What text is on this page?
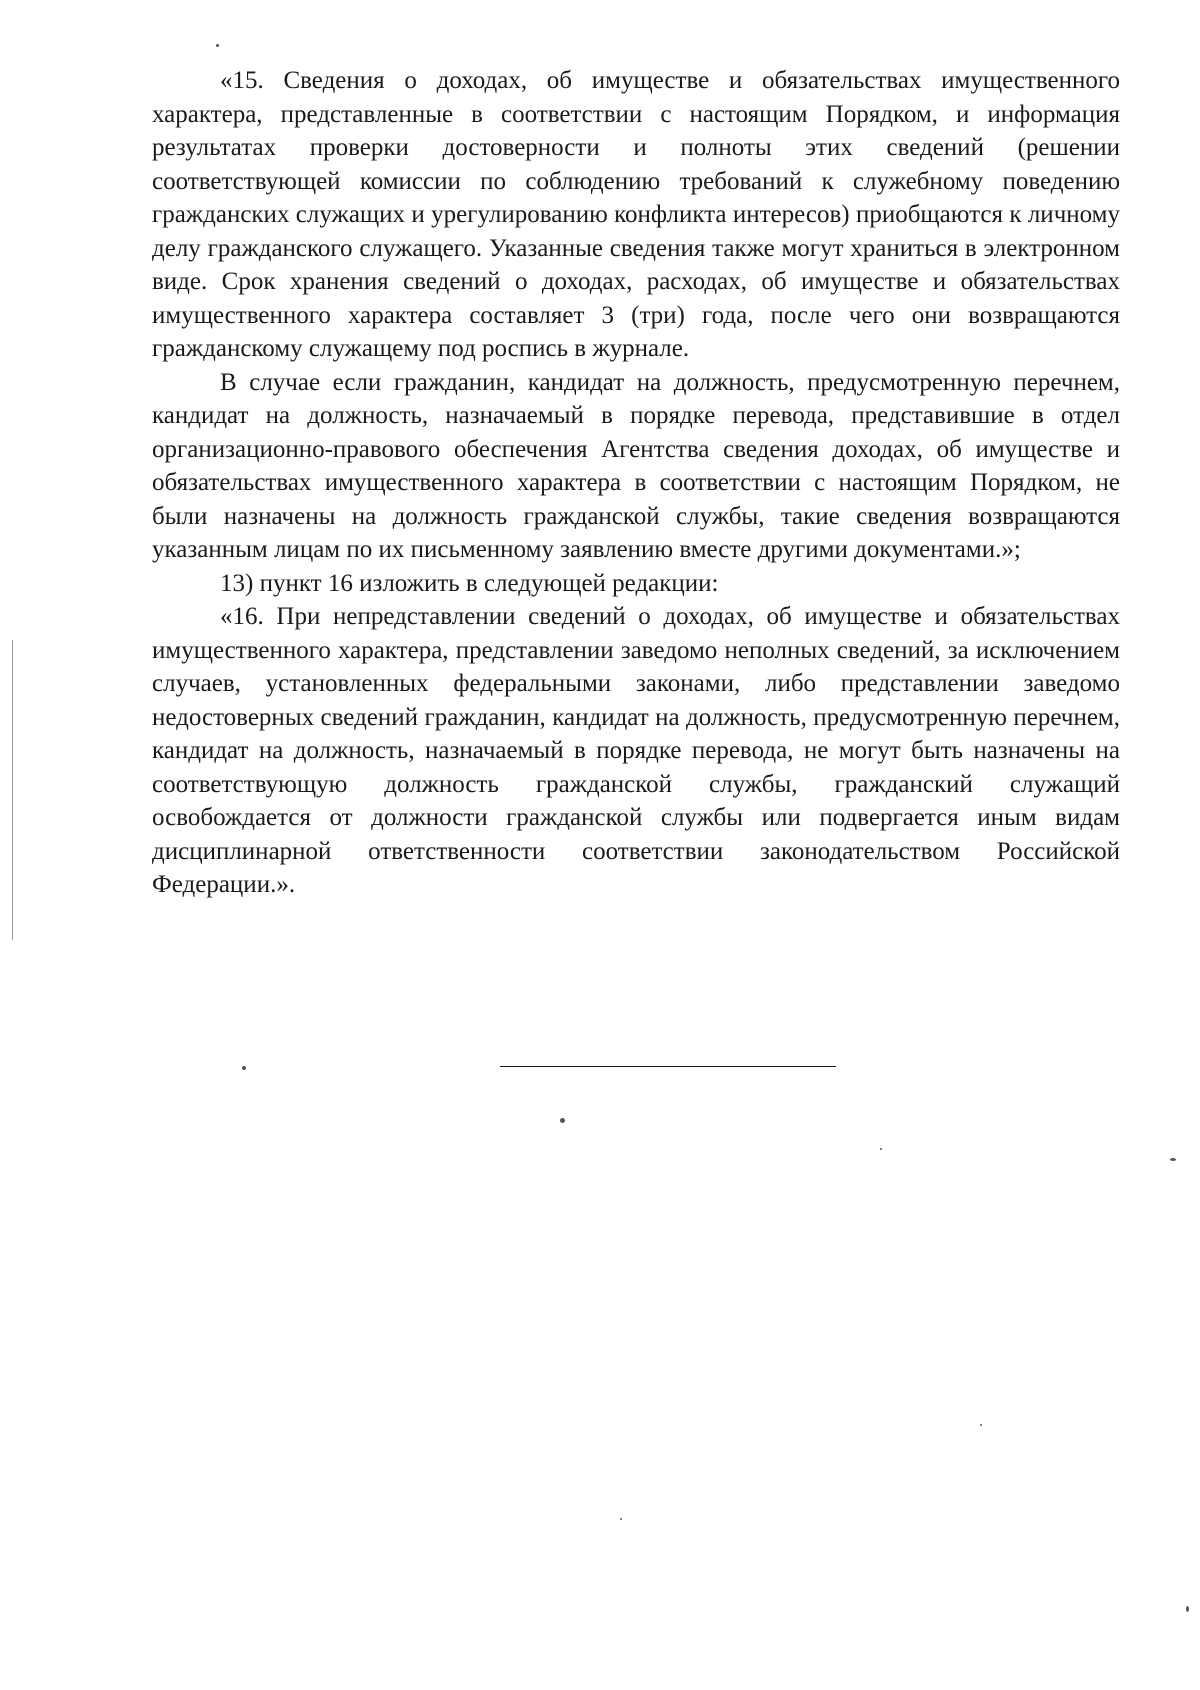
«15. Сведения о доходах, об имуществе и обязательствах имущественного характера, представленные в соответствии с настоящим Порядком, и информация результатах проверки достоверности и полноты этих сведений (решении соответствующей комиссии по соблюдению требований к служебному поведению гражданских служащих и урегулированию конфликта интересов) приобщаются к личному делу гражданского служащего. Указанные сведения также могут храниться в электронном виде. Срок хранения сведений о доходах, расходах, об имуществе и обязательствах имущественного характера составляет 3 (три) года, после чего они возвращаются гражданскому служащему под роспись в журнале.

В случае если гражданин, кандидат на должность, предусмотренную перечнем, кандидат на должность, назначаемый в порядке перевода, представившие в отдел организационно-правового обеспечения Агентства сведения доходах, об имуществе и обязательствах имущественного характера в соответствии с настоящим Порядком, не были назначены на должность гражданской службы, такие сведения возвращаются указанным лицам по их письменному заявлению вместе другими документами.»;

13) пункт 16 изложить в следующей редакции:

«16. При непредставлении сведений о доходах, об имуществе и обязательствах имущественного характера, представлении заведомо неполных сведений, за исключением случаев, установленных федеральными законами, либо представлении заведомо недостоверных сведений гражданин, кандидат на должность, предусмотренную перечнем, кандидат на должность, назначаемый в порядке перевода, не могут быть назначены на соответствующую должность гражданской службы, гражданский служащий освобождается от должности гражданской службы или подвергается иным видам дисциплинарной ответственности соответствии законодательством Российской Федерации.».
